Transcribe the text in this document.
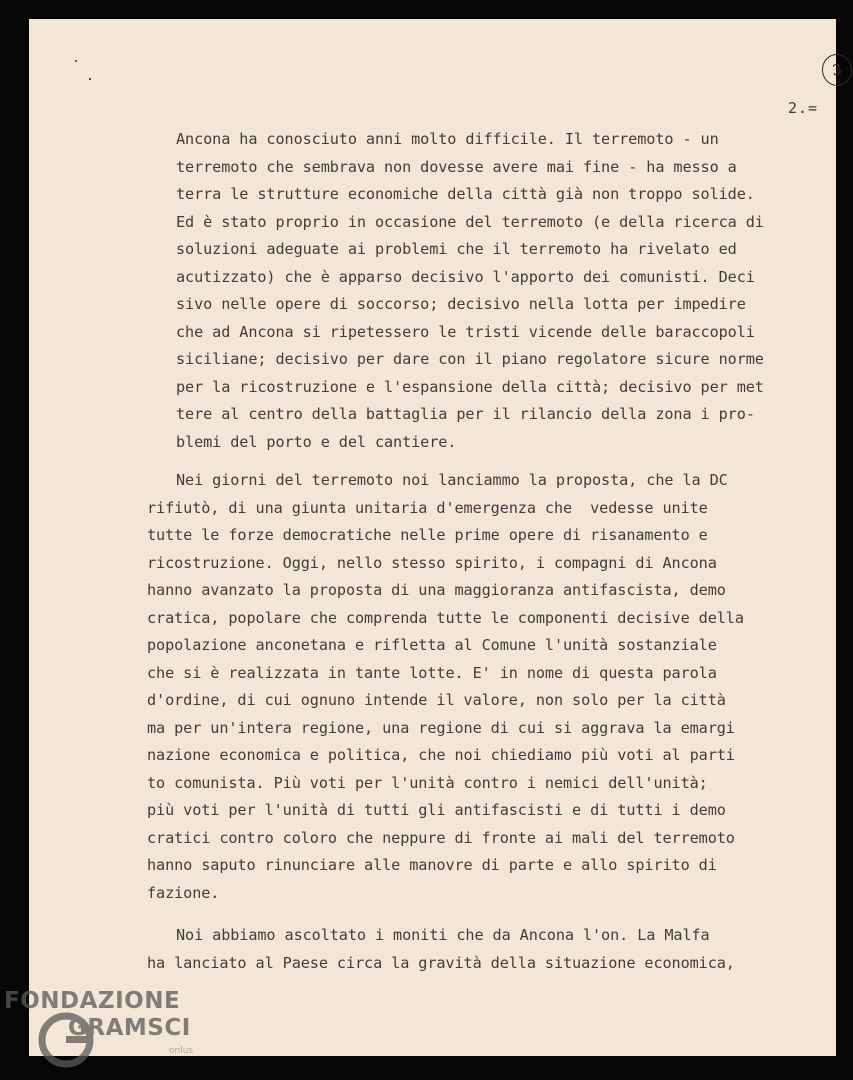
3
2.=
Ancona ha conosciuto anni molto difficile. Il terremoto - un
terremoto che sembrava non dovesse avere mai fine - ha messo a
terra le strutture economiche della città già non troppo solide.
Ed è stato proprio in occasione del terremoto (e della ricerca di
soluzioni adeguate ai problemi che il terremoto ha rivelato ed
acutizzato) che è apparso decisivo l'apporto dei comunisti. Deci
sivo nelle opere di soccorso; decisivo nella lotta per impedire
che ad Ancona si ripetessero le tristi vicende delle baraccopoli
siciliane; decisivo per dare con il piano regolatore sicure norme
per la ricostruzione e l'espansione della città; decisivo per met
tere al centro della battaglia per il rilancio della zona i pro-
blemi del porto e del cantiere.
Nei giorni del terremoto noi lanciammo la proposta, che la DC
rifiutò, di una giunta unitaria d'emergenza che  vedesse unite
tutte le forze democratiche nelle prime opere di risanamento e
ricostruzione. Oggi, nello stesso spirito, i compagni di Ancona
hanno avanzato la proposta di una maggioranza antifascista, demo
cratica, popolare che comprenda tutte le componenti decisive della
popolazione anconetana e rifletta al Comune l'unità sostanziale
che si è realizzata in tante lotte. E' in nome di questa parola
d'ordine, di cui ognuno intende il valore, non solo per la città
ma per un'intera regione, una regione di cui si aggrava la emargi
nazione economica e politica, che noi chiediamo più voti al parti
to comunista. Più voti per l'unità contro i nemici dell'unità;
più voti per l'unità di tutti gli antifascisti e di tutti i demo
cratici contro coloro che neppure di fronte ai mali del terremoto
hanno saputo rinunciare alle manovre di parte e allo spirito di
fazione.
Noi abbiamo ascoltato i moniti che da Ancona l'on. La Malfa
ha lanciato al Paese circa la gravità della situazione economica,
FONDAZIONE
GRAMSCI
onlus
